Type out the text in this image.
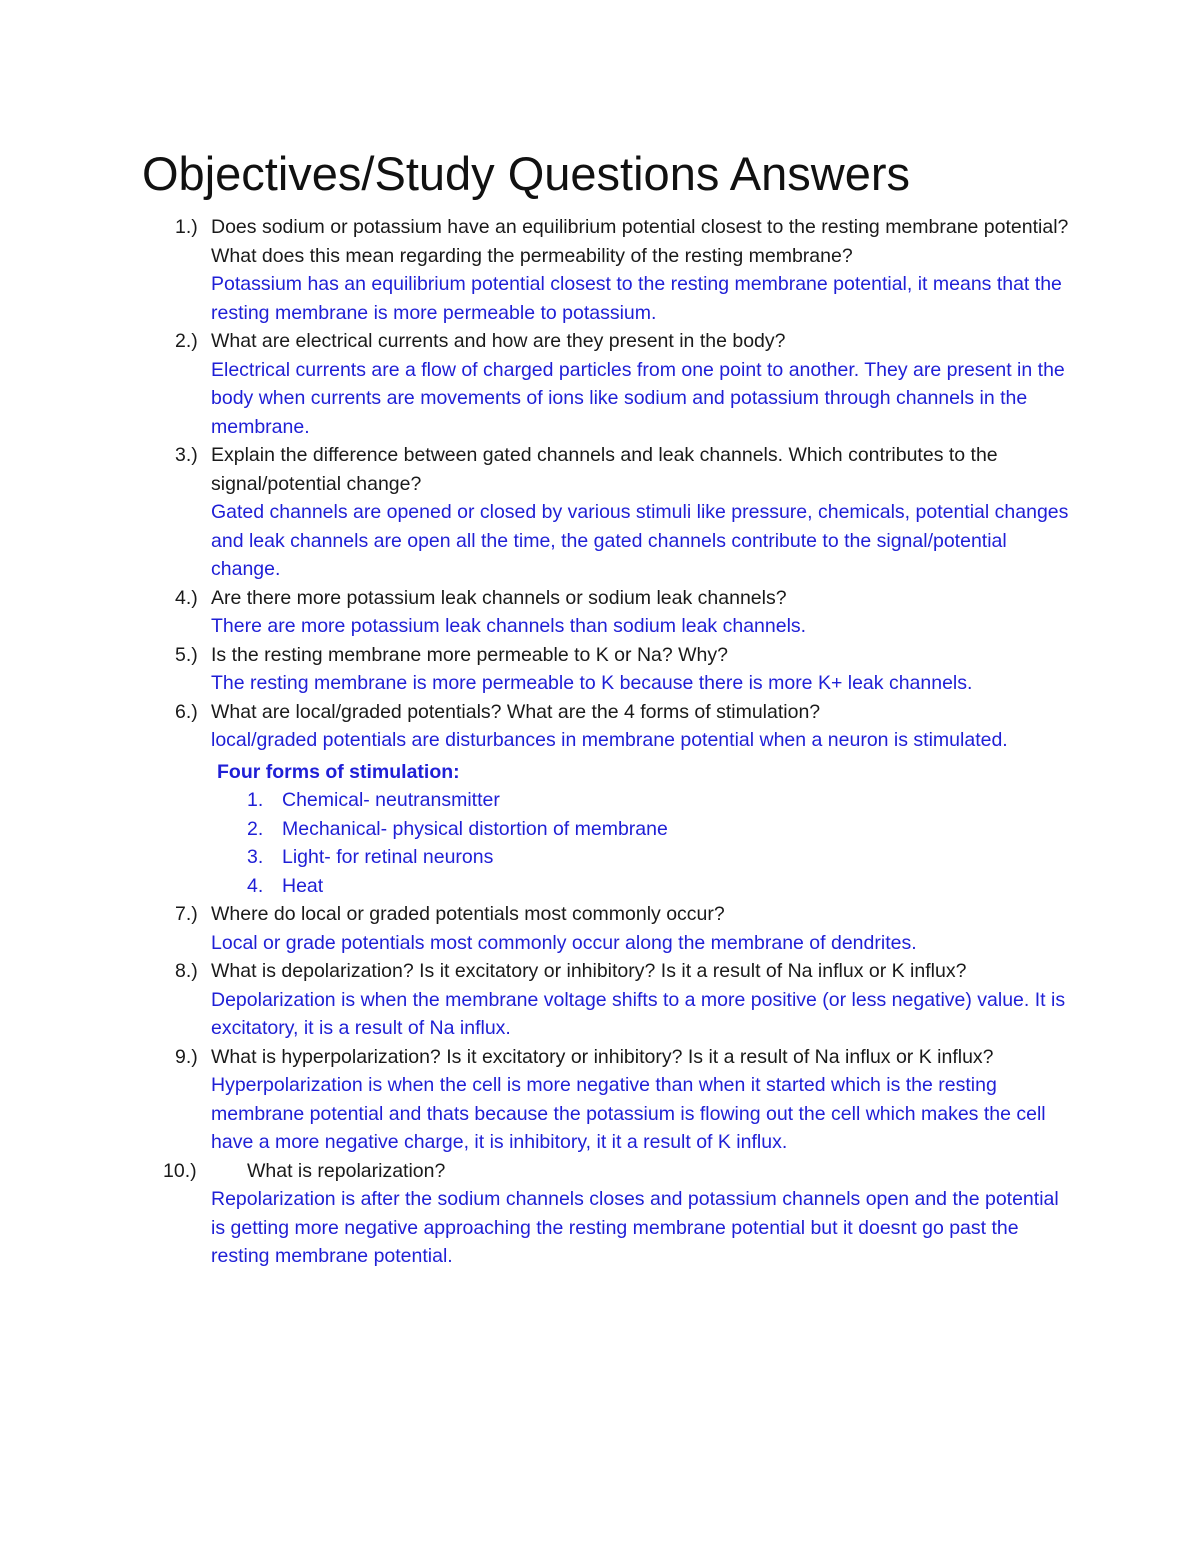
Objectives/Study Questions Answers
1.) Does sodium or potassium have an equilibrium potential closest to the resting membrane potential? What does this mean regarding the permeability of the resting membrane?
Potassium has an equilibrium potential closest to the resting membrane potential, it means that the resting membrane is more permeable to potassium.
2.) What are electrical currents and how are they present in the body?
Electrical currents are a flow of charged particles from one point to another. They are present in the body when currents are movements of ions like sodium and potassium through channels in the membrane.
3.) Explain the difference between gated channels and leak channels. Which contributes to the signal/potential change?
Gated channels are opened or closed by various stimuli like pressure, chemicals, potential changes and leak channels are open all the time, the gated channels contribute to the signal/potential change.
4.) Are there more potassium leak channels or sodium leak channels?
There are more potassium leak channels than sodium leak channels.
5.) Is the resting membrane more permeable to K or Na? Why?
The resting membrane is more permeable to K because there is more K+ leak channels.
6.) What are local/graded potentials? What are the 4 forms of stimulation?
local/graded potentials are disturbances in membrane potential when a neuron is stimulated.
Four forms of stimulation:
1. Chemical- neutransmitter
2. Mechanical- physical distortion of membrane
3. Light- for retinal neurons
4. Heat
7.) Where do local or graded potentials most commonly occur?
Local or grade potentials most commonly occur along the membrane of dendrites.
8.) What is depolarization? Is it excitatory or inhibitory? Is it a result of Na influx or K influx?
Depolarization is when the membrane voltage shifts to a more positive (or less negative) value. It is excitatory, it is a result of Na influx.
9.) What is hyperpolarization? Is it excitatory or inhibitory? Is it a result of Na influx or K influx?
Hyperpolarization is when the cell is more negative than when it started which is the resting membrane potential and thats because the potassium is flowing out the cell which makes the cell have a more negative charge, it is inhibitory, it it a result of K influx.
10.)	What is repolarization?
Repolarization is after the sodium channels closes and potassium channels open and the potential is getting more negative approaching the resting membrane potential but it doesnt go past the resting membrane potential.
